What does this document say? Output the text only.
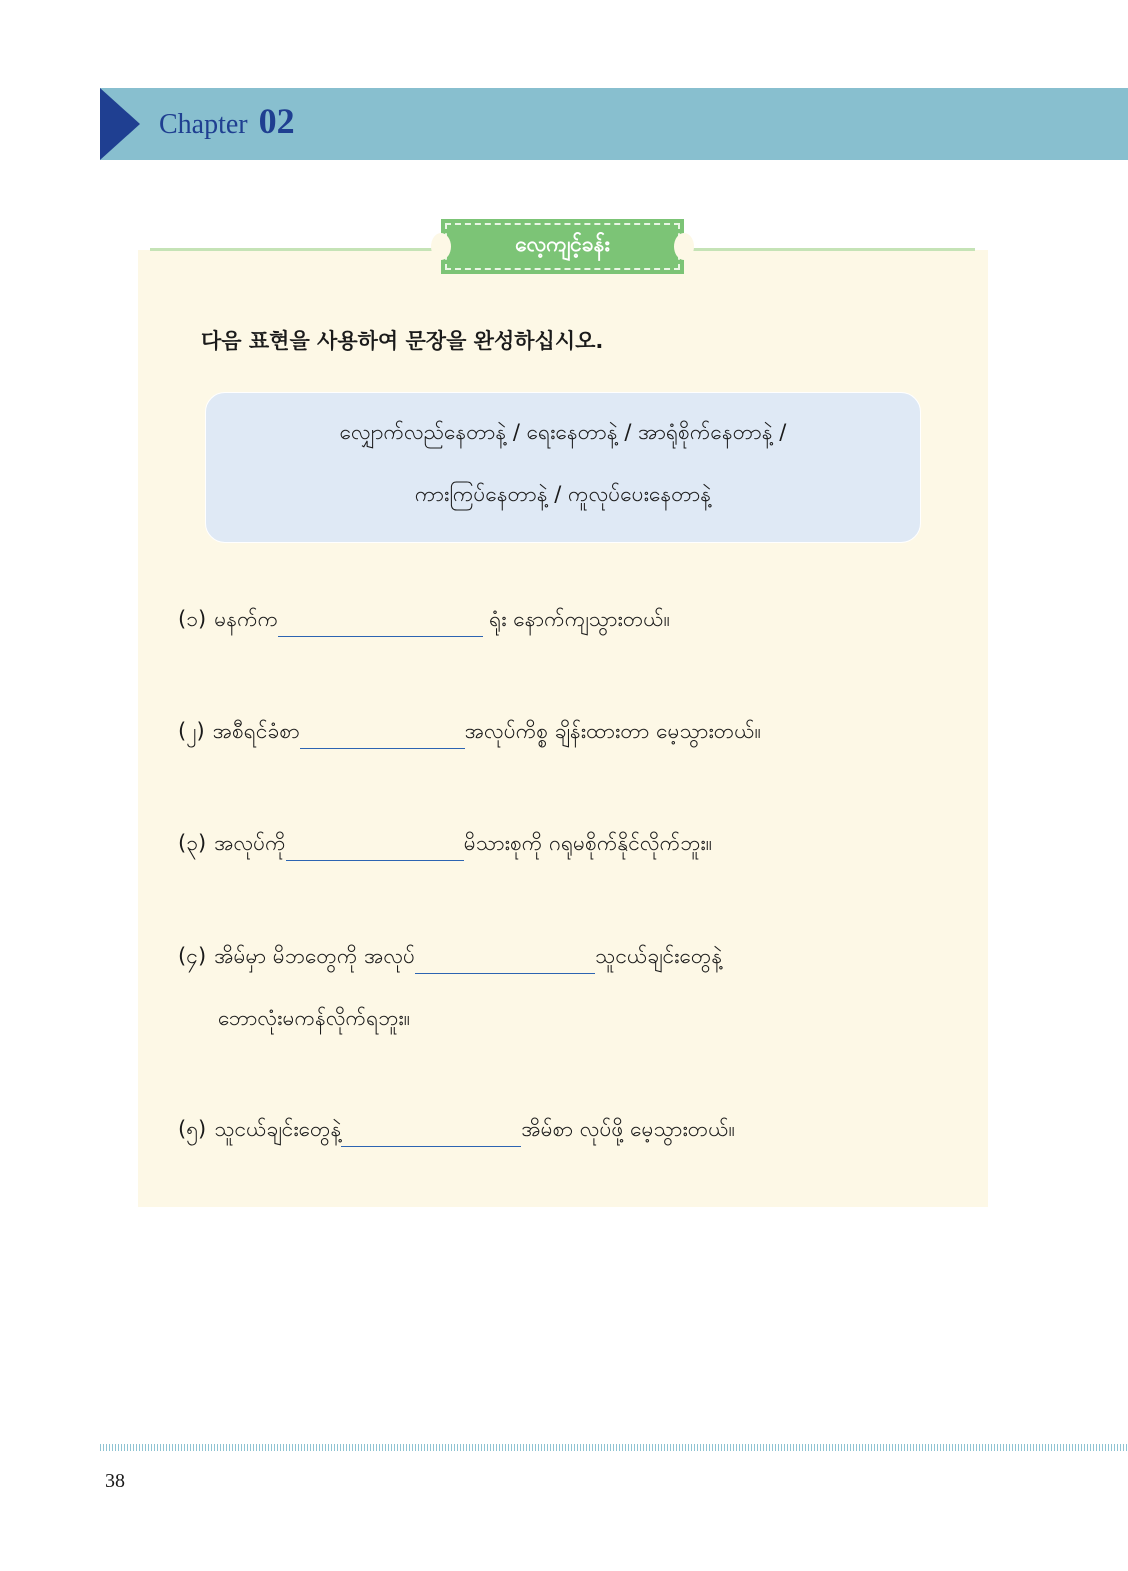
Chapter 02
လေ့ကျင့်ခန်း
다음 표현을 사용하여 문장을 완성하십시오.
လျှောက်လည်နေတာနဲ့ / ရေးနေတာနဲ့ / အာရုံစိုက်နေတာနဲ့ /
ကားကြပ်နေတာနဲ့ / ကူလုပ်ပေးနေတာနဲ့
(၁) မနက်က	ရုံး နောက်ကျသွားတယ်။
(၂) အစီရင်ခံစာ	အလုပ်ကိစ္စ ချိန်းထားတာ မေ့သွားတယ်။
(၃) အလုပ်ကို	မိသားစုကို ဂရုမစိုက်နိုင်လိုက်ဘူး။
(၄) အိမ်မှာ မိဘတွေကို အလုပ်	သူငယ်ချင်းတွေနဲ့
ဘောလုံးမကန်လိုက်ရဘူး။
(၅) သူငယ်ချင်းတွေနဲ့	အိမ်စာ လုပ်ဖို့ မေ့သွားတယ်။
38
